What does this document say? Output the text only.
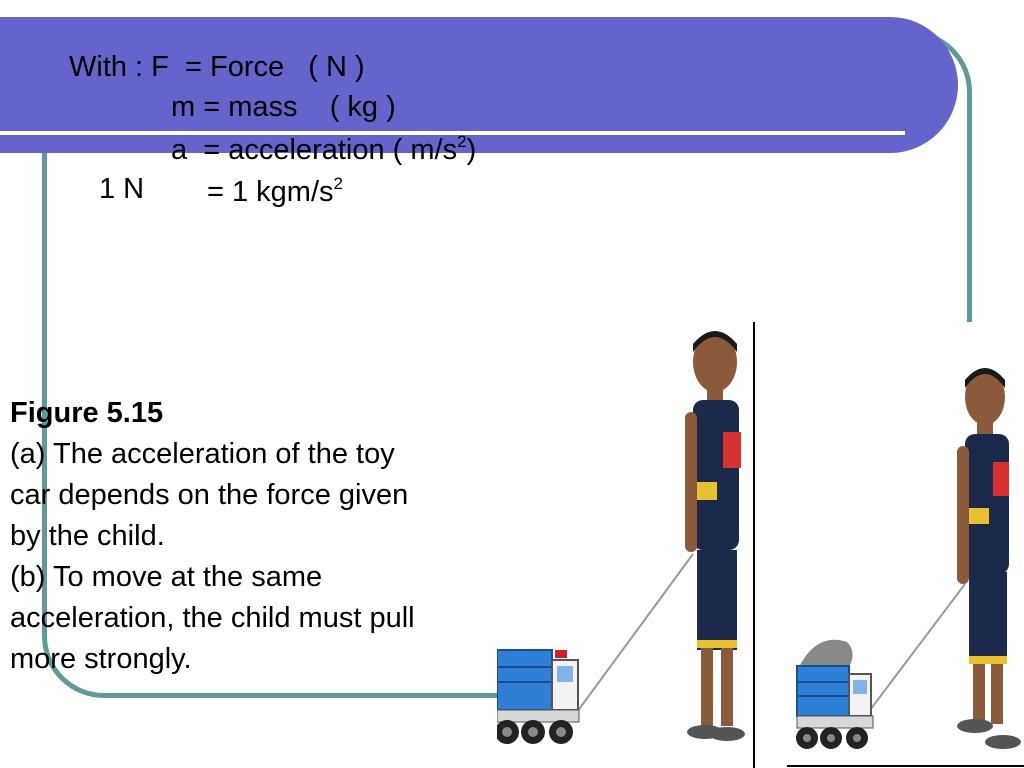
With : F  = Force   ( N )
m = mass    ( kg )
a  = acceleration ( $m/s^2$)
1 N = 1 kgm/$s^2$
Figure 5.15
(a) The acceleration of the toy
car depends on the force given
by the child.
(b) To move at the same
acceleration, the child must pull
more strongly.
